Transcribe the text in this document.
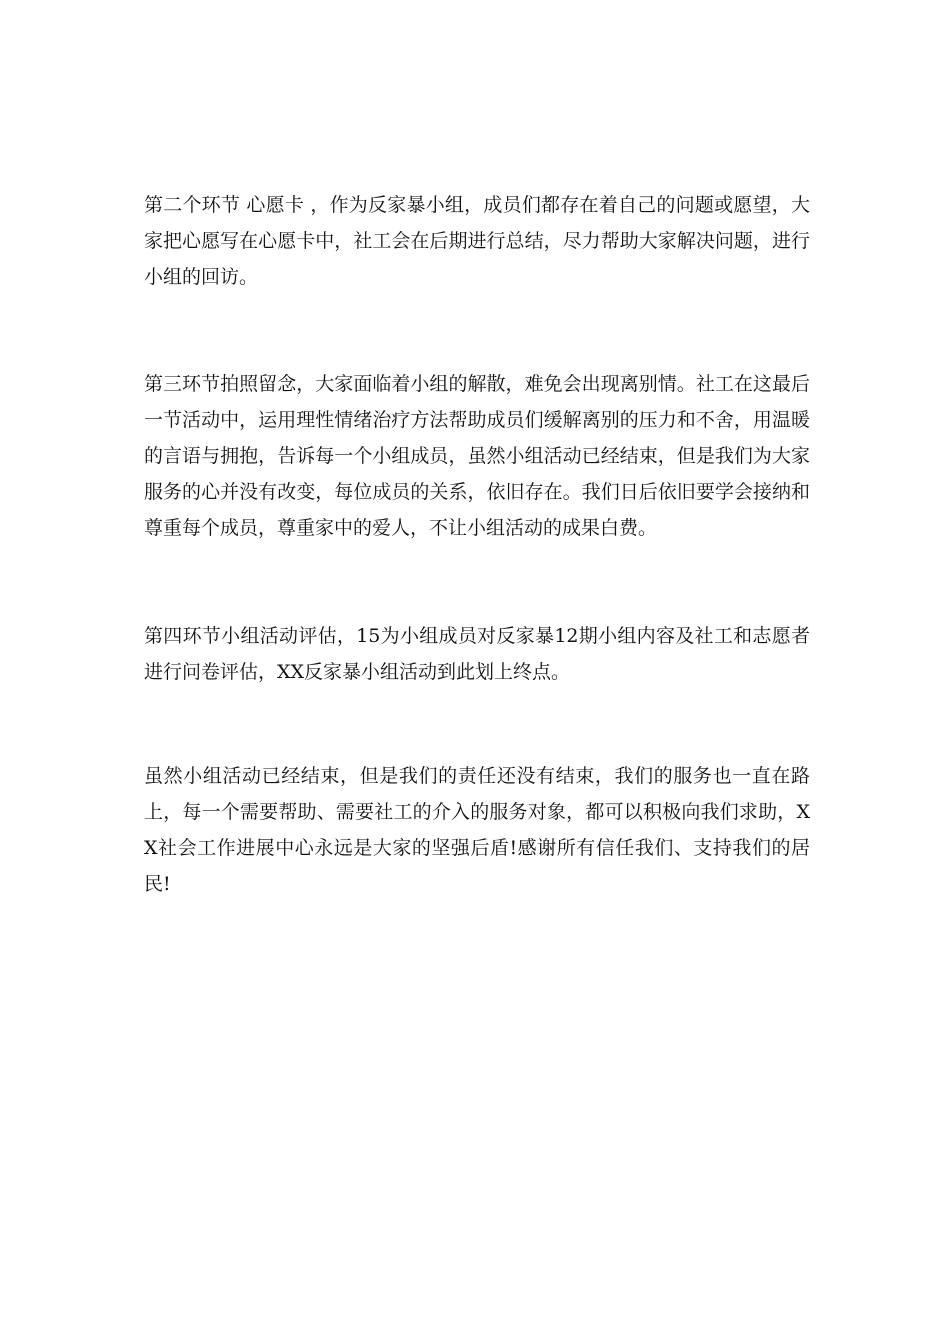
第二个环节 心愿卡 ，作为反家暴小组，成员们都存在着自己的问题或愿望，大家把心愿写在心愿卡中，社工会在后期进行总结，尽力帮助大家解决问题，进行小组的回访。

第三环节拍照留念，大家面临着小组的解散，难免会出现离别情。社工在这最后一节活动中，运用理性情绪治疗方法帮助成员们缓解离别的压力和不舍，用温暖的言语与拥抱，告诉每一个小组成员，虽然小组活动已经结束，但是我们为大家服务的心并没有改变，每位成员的关系，依旧存在。我们日后依旧要学会接纳和尊重每个成员，尊重家中的爱人，不让小组活动的成果白费。

第四环节小组活动评估，15为小组成员对反家暴12期小组内容及社工和志愿者进行问卷评估，XX反家暴小组活动到此划上终点。

虽然小组活动已经结束，但是我们的责任还没有结束，我们的服务也一直在路上，每一个需要帮助、需要社工的介入的服务对象，都可以积极向我们求助，XX社会工作进展中心永远是大家的坚强后盾!感谢所有信任我们、支持我们的居民!
